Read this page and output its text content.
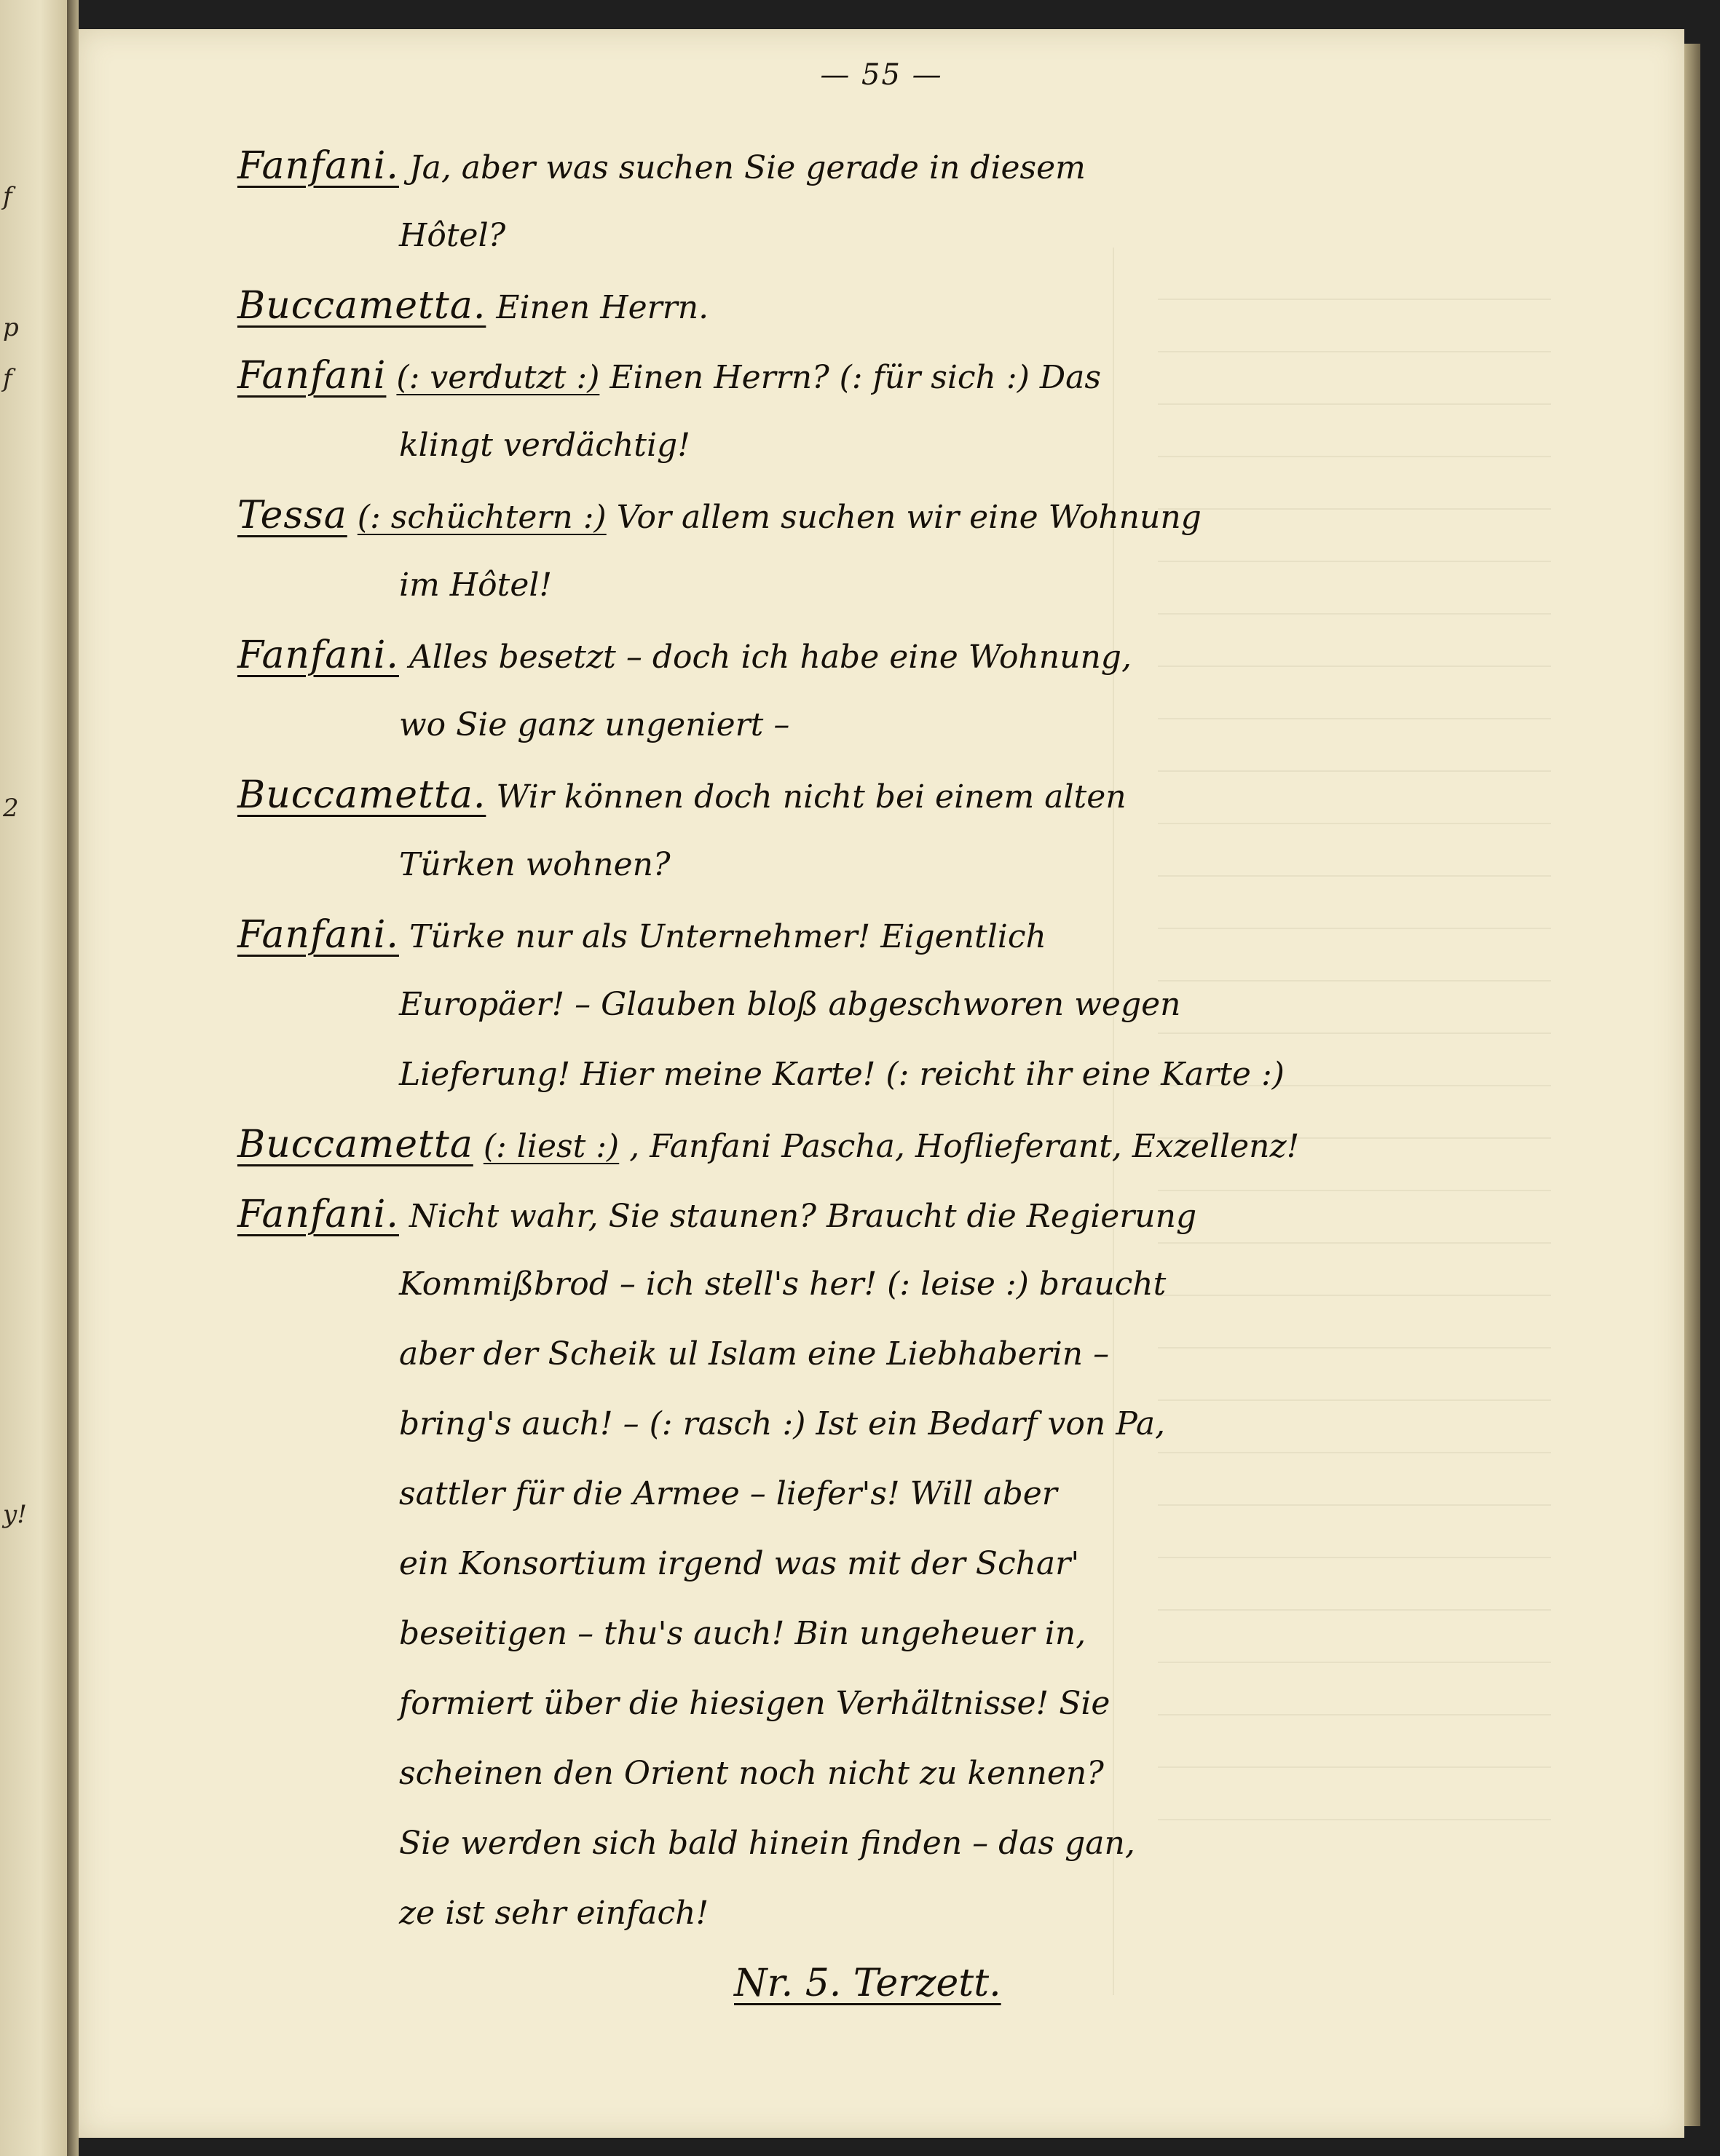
f
p
f
2
y!
— 55 —
Fanfani. Ja, aber was suchen Sie gerade in diesem
Hôtel?
Buccametta. Einen Herrn.
Fanfani (: verdutzt :) Einen Herrn? (: für sich :) Das
klingt verdächtig!
Tessa (: schüchtern :) Vor allem suchen wir eine Wohnung
im Hôtel!
Fanfani. Alles besetzt – doch ich habe eine Wohnung,
wo Sie ganz ungeniert –
Buccametta. Wir können doch nicht bei einem alten
Türken wohnen?
Fanfani. Türke nur als Unternehmer! Eigentlich
Europäer! – Glauben bloß abgeschworen wegen
Lieferung! Hier meine Karte! (: reicht ihr eine Karte :)
Buccametta (: liest :) , Fanfani Pascha, Hoflieferant, Exzellenz!
Fanfani. Nicht wahr, Sie staunen? Braucht die Regierung
Kommißbrod – ich stell's her! (: leise :) braucht
aber der Scheik ul Islam eine Liebhaberin –
bring's auch! – (: rasch :) Ist ein Bedarf von Pa,
sattler für die Armee – liefer's! Will aber
ein Konsortium irgend was mit der Schar'
beseitigen – thu's auch! Bin ungeheuer in,
formiert über die hiesigen Verhältnisse! Sie
scheinen den Orient noch nicht zu kennen?
Sie werden sich bald hinein finden – das gan,
ze ist sehr einfach!
Nr. 5. Terzett.
